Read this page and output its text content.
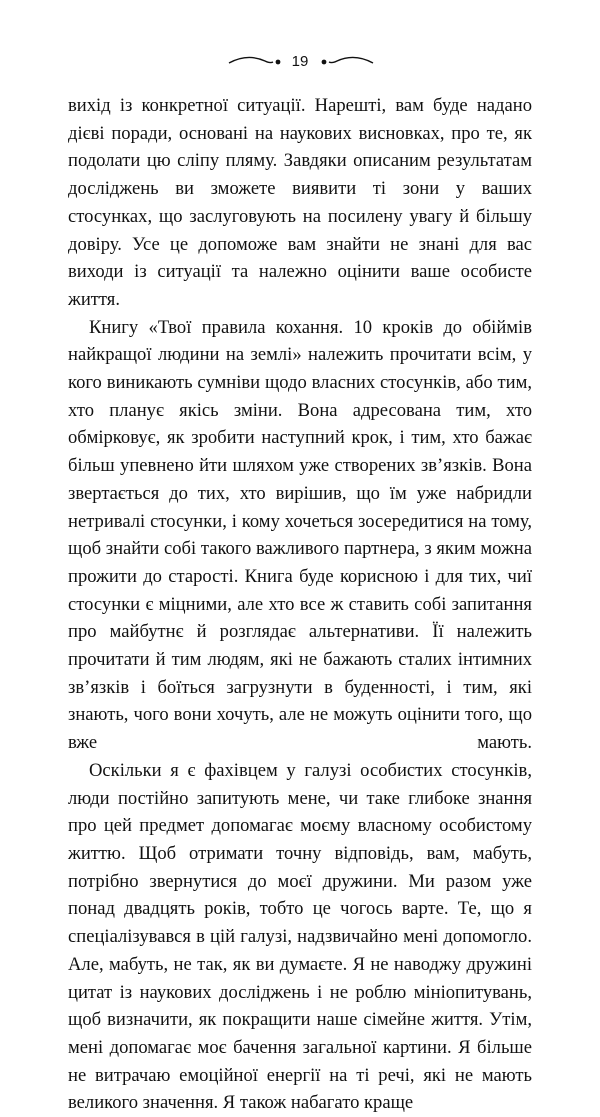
19

вихід із конкретної ситуації. Нарешті, вам буде надано дієві поради, основані на наукових висновках, про те, як подолати цю сліпу пляму. Завдяки описаним результатам досліджень ви зможете виявити ті зони у ваших стосунках, що заслуговують на посилену увагу й більшу довіру. Усе це допоможе вам знайти не знані для вас виходи із ситуації та належно оцінити ваше особисте життя.

Книгу «Твої правила кохання. 10 кроків до обіймів найкращої людини на землі» належить прочитати всім, у кого виникають сумніви щодо власних стосунків, або тим, хто планує якісь зміни. Вона адресована тим, хто обмірковує, як зробити наступний крок, і тим, хто бажає більш упевнено йти шляхом уже створених зв’язків. Вона звертається до тих, хто вирішив, що їм уже набридли нетривалі стосунки, і кому хочеться зосередитися на тому, щоб знайти собі такого важливого партнера, з яким можна прожити до старості. Книга буде корисною і для тих, чиї стосунки є міцними, але хто все ж ставить собі запитання про майбутнє й розглядає альтернативи. Її належить прочитати й тим людям, які не бажають сталих інтимних зв’язків і боїться загрузнути в буденності, і тим, які знають, чого вони хочуть, але не можуть оцінити того, що вже мають.

Оскільки я є фахівцем у галузі особистих стосунків, люди постійно запитують мене, чи таке глибоке знання про цей предмет допомагає моєму власному особистому життю. Щоб отримати точну відповідь, вам, мабуть, потрібно звернутися до моєї дружини. Ми разом уже понад двадцять років, тобто це чогось варте. Те, що я спеціалізувався в цій галузі, надзвичайно мені допомогло. Але, мабуть, не так, як ви думаєте. Я не наводжу дружині цитат із наукових досліджень і не роблю мініопитувань, щоб визначити, як покращити наше сімейне життя. Утім, мені допомагає моє бачення загальної картини. Я більше не витрачаю емоційної енергії на ті речі, які не мають великого значення. Я також набагато краще
